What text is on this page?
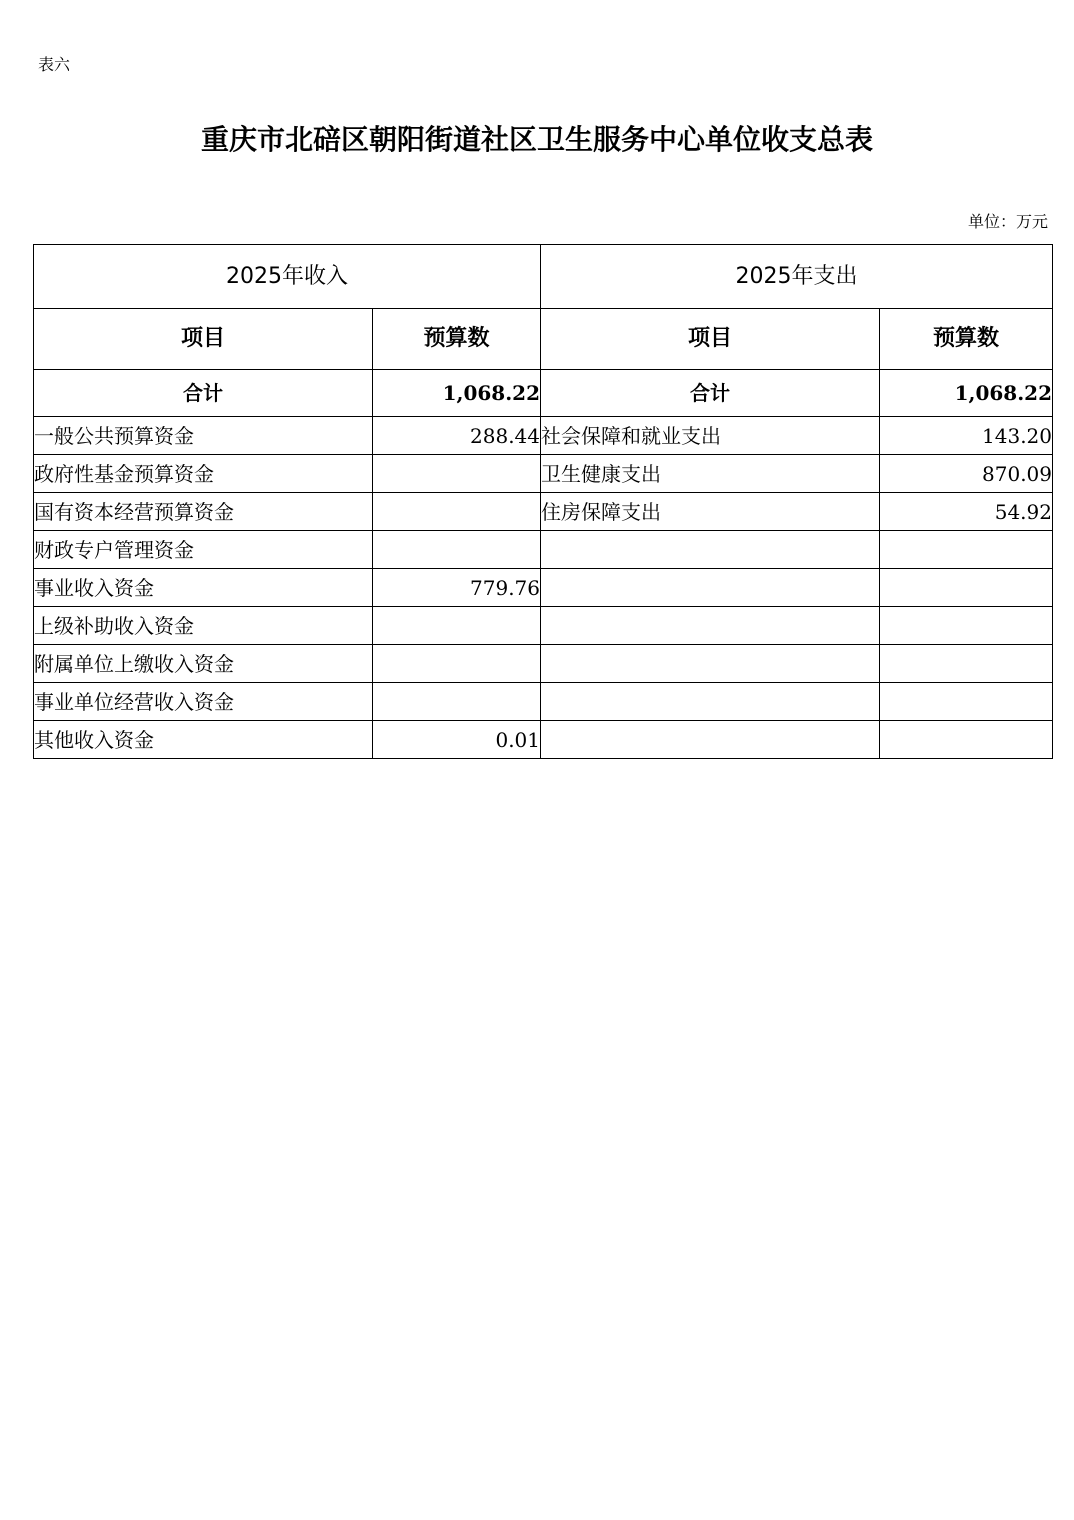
表六
重庆市北碚区朝阳街道社区卫生服务中心单位收支总表
单位：万元
2025年收入		2025年支出	
项目	预算数	项目	预算数
合计	1,068.22	合计	1,068.22
一般公共预算资金	288.44	社会保障和就业支出	143.20
政府性基金预算资金		卫生健康支出	870.09
国有资本经营预算资金		住房保障支出	54.92
财政专户管理资金			
事业收入资金	779.76		
上级补助收入资金			
附属单位上缴收入资金			
事业单位经营收入资金			
其他收入资金	0.01		
